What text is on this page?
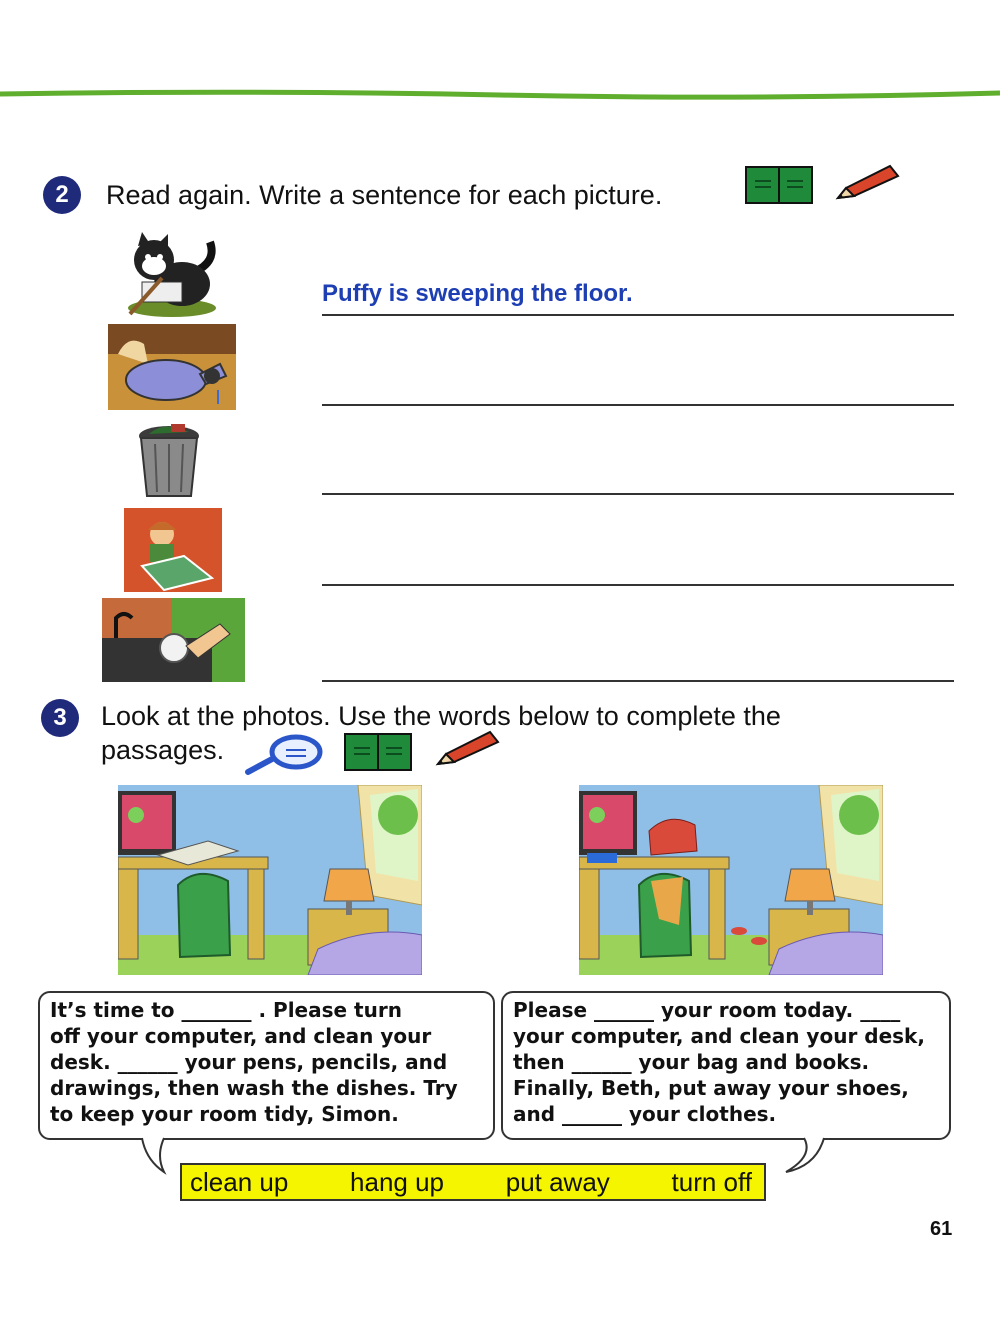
2	Read again. Write a sentence for each picture.
Puffy is sweeping the floor.
3	Look at the photos. Use the words below to complete the
passages.

It’s time to _______ . Please turn

off your computer, and clean your

desk. ______ your pens, pencils, and

drawings, then wash the dishes. Try

to keep your room tidy, Simon.

Please ______ your room today. ____

your computer, and clean your desk,

then ______ your bag and books.

Finally, Beth, put away your shoes,

and ______ your clothes.

clean up hang up put away turn off
61
